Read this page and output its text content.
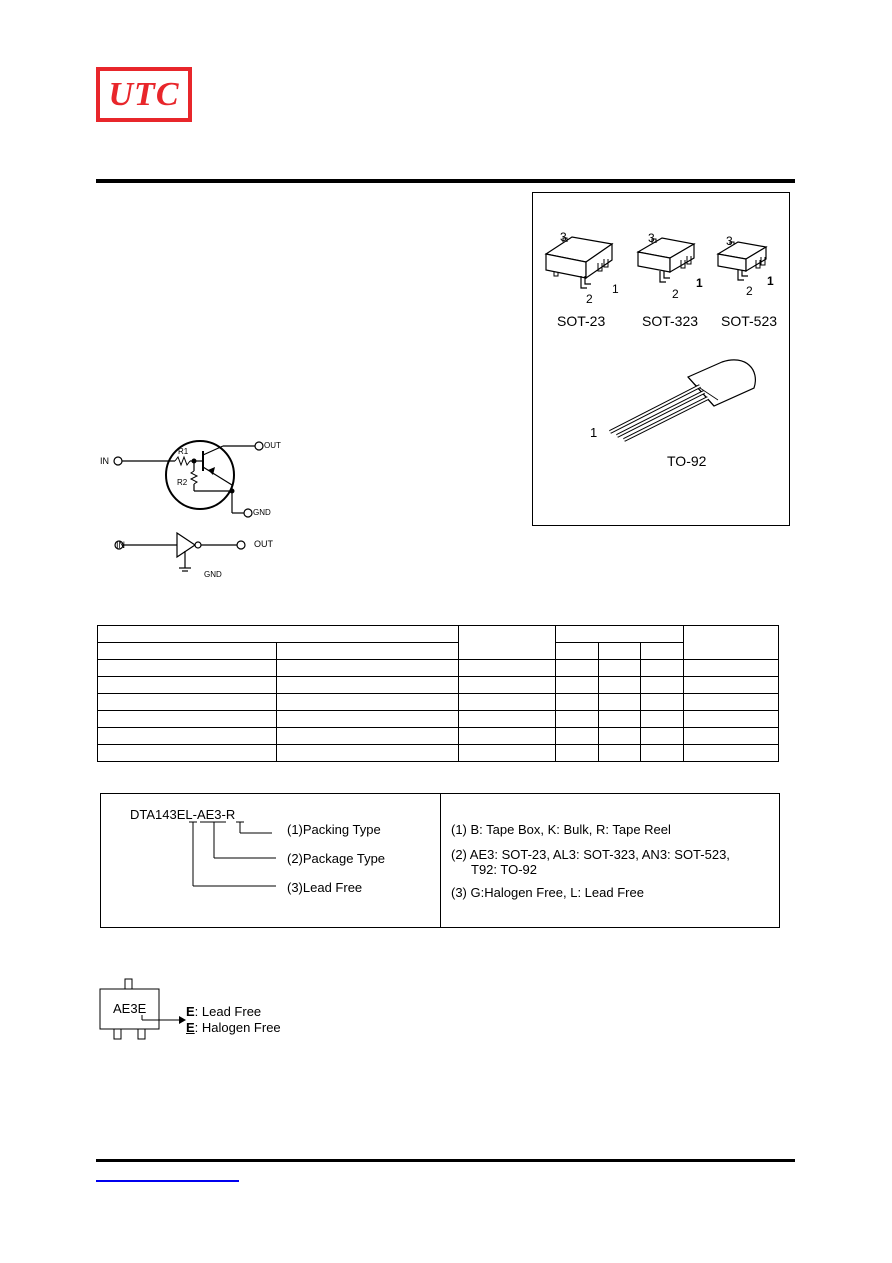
UTC
3
1
2
SOT-23
3
1
2
SOT-323
3
1
2
SOT-523
1
TO-92
IN
OUT
GND
R1
R2
IN	OUT
GND

DTA143EL-AE3-R
(1)Packing Type
(2)Package Type
(3)Lead Free
(1) B: Tape Box, K: Bulk, R: Tape Reel
(2) AE3: SOT-23, AL3: SOT-323, AN3: SOT-523,
T92: TO-92
(3) G:Halogen Free, L: Lead Free
AE3E	E: Lead Free
E: Halogen Free
